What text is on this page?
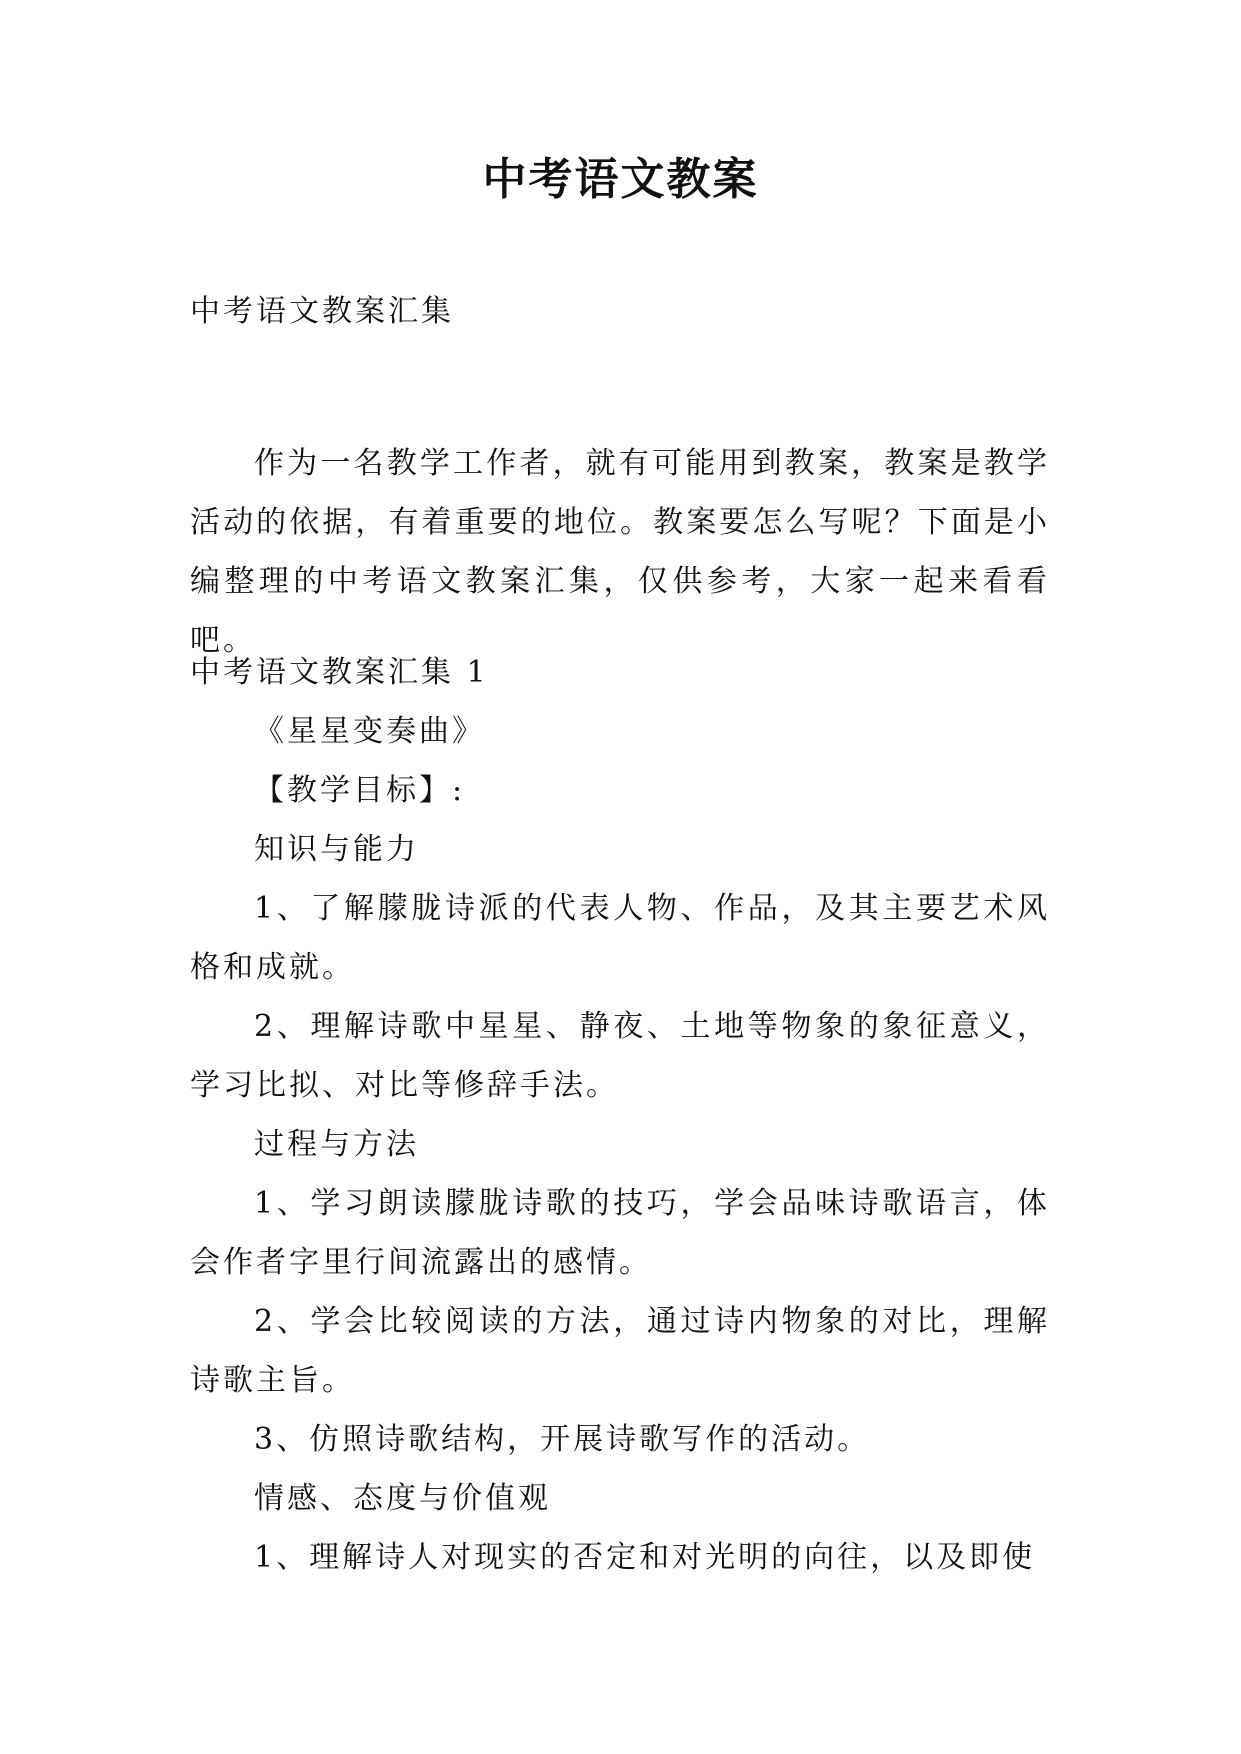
中考语文教案
中考语文教案汇集

作为一名教学工作者，就有可能用到教案，教案是教学活动的依据，有着重要的地位。教案要怎么写呢？下面是小编整理的中考语文教案汇集，仅供参考，大家一起来看看吧。

中考语文教案汇集 1

《星星变奏曲》

【教学目标】:

知识与能力

1、了解朦胧诗派的代表人物、作品，及其主要艺术风格和成就。

2、理解诗歌中星星、静夜、土地等物象的象征意义，学习比拟、对比等修辞手法。

过程与方法

1、学习朗读朦胧诗歌的技巧，学会品味诗歌语言，体会作者字里行间流露出的感情。

2、学会比较阅读的方法，通过诗内物象的对比，理解诗歌主旨。

3、仿照诗歌结构，开展诗歌写作的活动。

情感、态度与价值观

1、理解诗人对现实的否定和对光明的向往，以及即使
